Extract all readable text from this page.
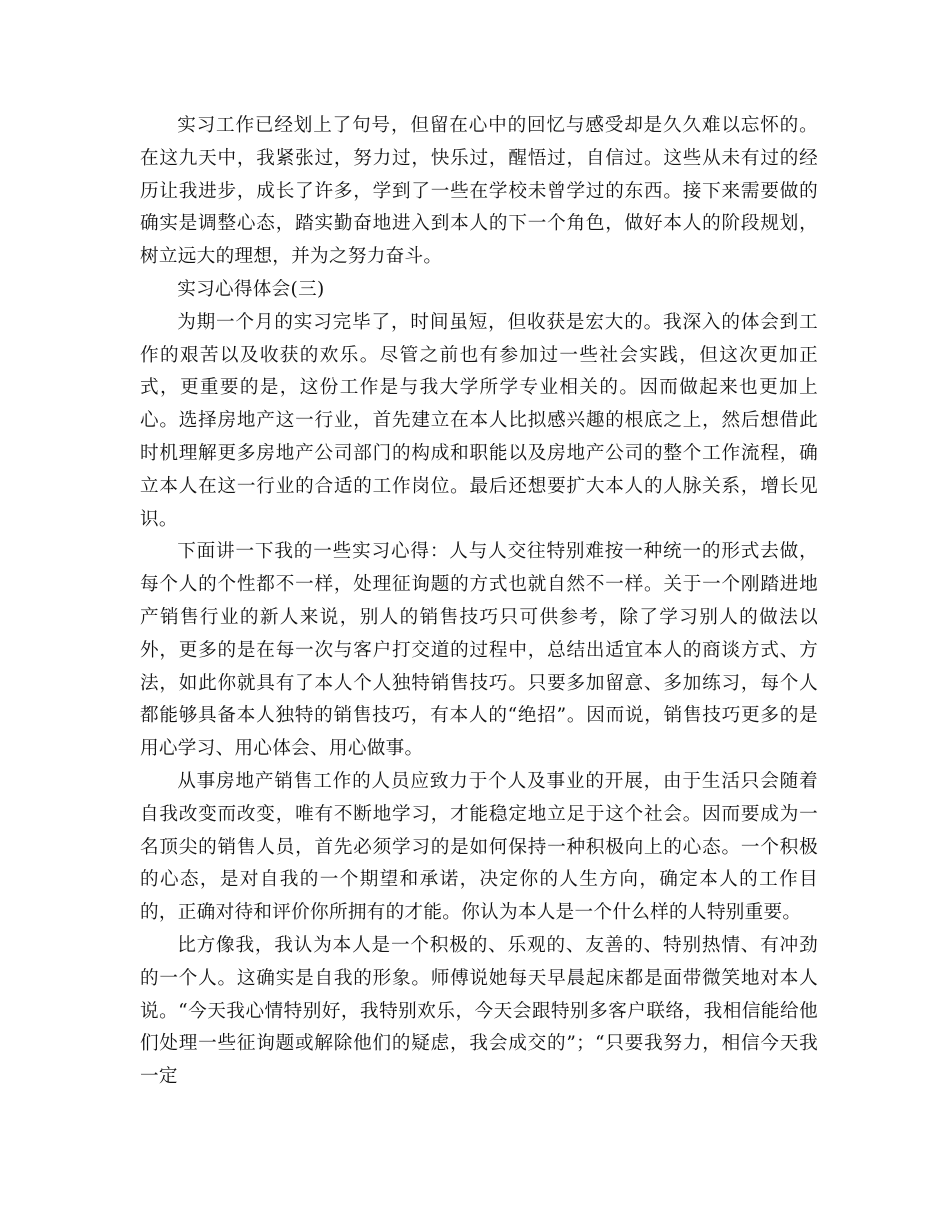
实习工作已经划上了句号，但留在心中的回忆与感受却是久久难以忘怀的。在这九天中，我紧张过，努力过，快乐过，醒悟过，自信过。这些从未有过的经历让我进步，成长了许多，学到了一些在学校未曾学过的东西。接下来需要做的确实是调整心态，踏实勤奋地进入到本人的下一个角色，做好本人的阶段规划，树立远大的理想，并为之努力奋斗。

实习心得体会(三)

为期一个月的实习完毕了，时间虽短，但收获是宏大的。我深入的体会到工作的艰苦以及收获的欢乐。尽管之前也有参加过一些社会实践，但这次更加正式，更重要的是，这份工作是与我大学所学专业相关的。因而做起来也更加上心。选择房地产这一行业，首先建立在本人比拟感兴趣的根底之上，然后想借此时机理解更多房地产公司部门的构成和职能以及房地产公司的整个工作流程，确立本人在这一行业的合适的工作岗位。最后还想要扩大本人的人脉关系，增长见识。

下面讲一下我的一些实习心得：人与人交往特别难按一种统一的形式去做，每个人的个性都不一样，处理征询题的方式也就自然不一样。关于一个刚踏进地产销售行业的新人来说，别人的销售技巧只可供参考，除了学习别人的做法以外，更多的是在每一次与客户打交道的过程中，总结出适宜本人的商谈方式、方法，如此你就具有了本人个人独特销售技巧。只要多加留意、多加练习，每个人都能够具备本人独特的销售技巧，有本人的“绝招”。因而说，销售技巧更多的是用心学习、用心体会、用心做事。

从事房地产销售工作的人员应致力于个人及事业的开展，由于生活只会随着自我改变而改变，唯有不断地学习，才能稳定地立足于这个社会。因而要成为一名顶尖的销售人员，首先必须学习的是如何保持一种积极向上的心态。一个积极的心态，是对自我的一个期望和承诺，决定你的人生方向，确定本人的工作目的，正确对待和评价你所拥有的才能。你认为本人是一个什么样的人特别重要。

比方像我，我认为本人是一个积极的、乐观的、友善的、特别热情、有冲劲的一个人。这确实是自我的形象。师傅说她每天早晨起床都是面带微笑地对本人说。“今天我心情特别好，我特别欢乐，今天会跟特别多客户联络，我相信能给他们处理一些征询题或解除他们的疑虑，我会成交的”；“只要我努力，相信今天我一定
